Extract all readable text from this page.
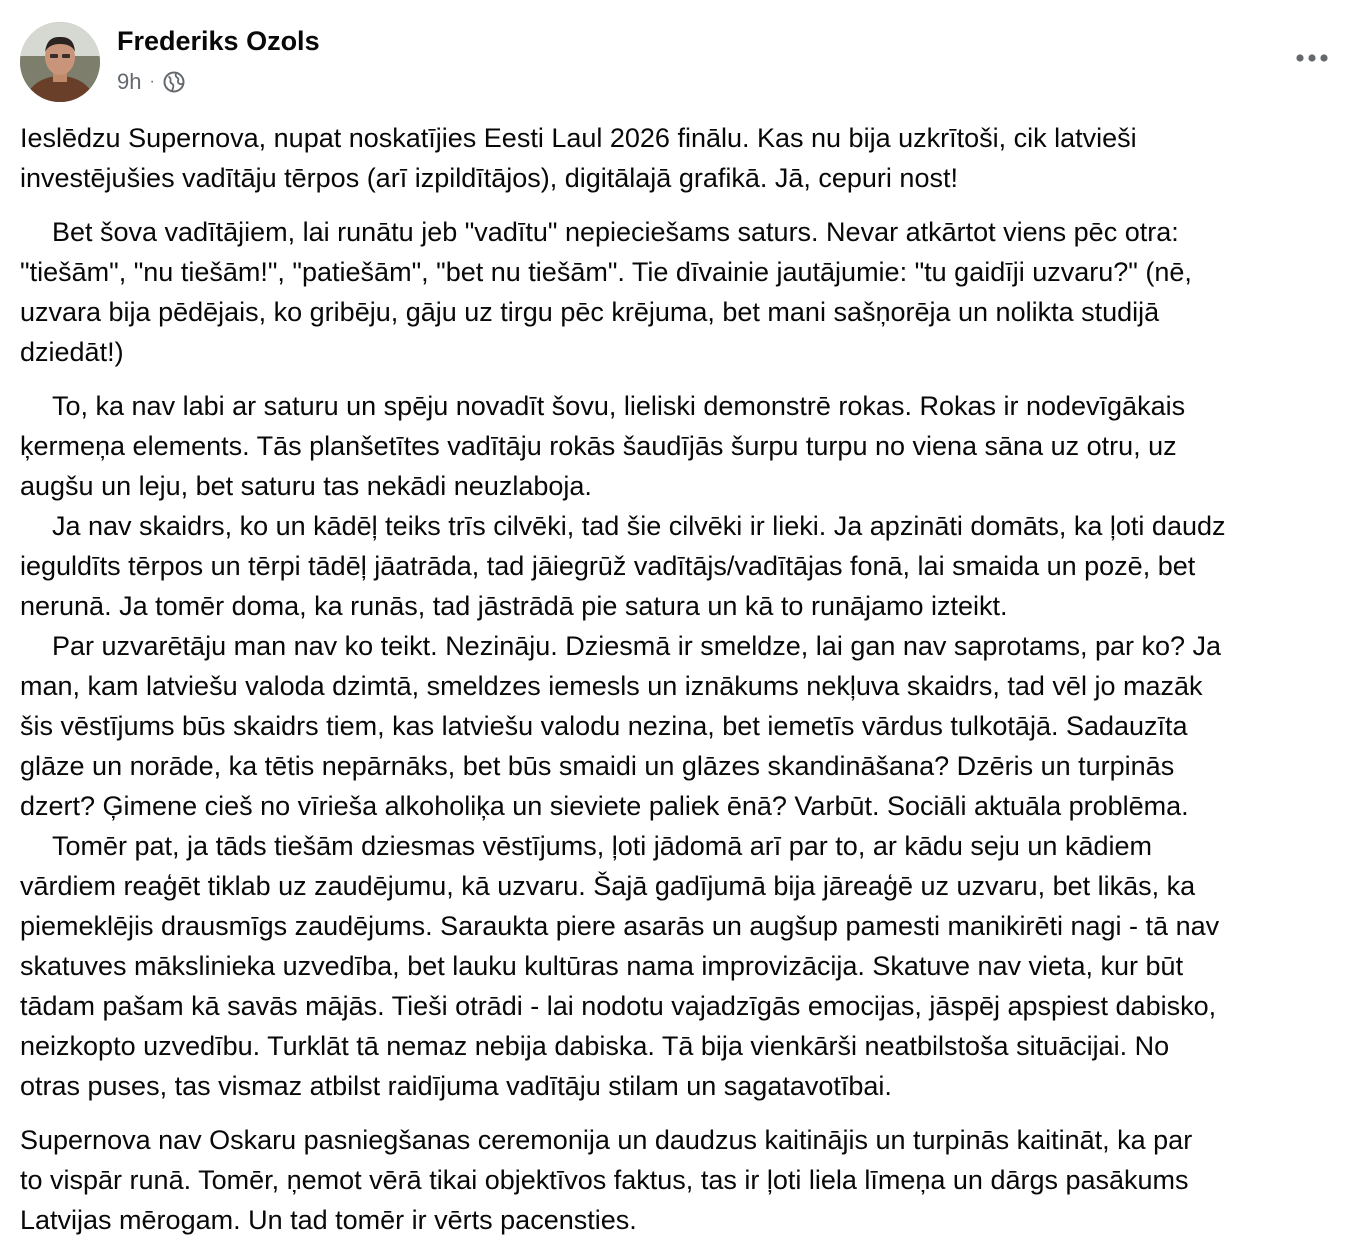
Frederiks Ozols
9h ·
Ieslēdzu Supernova, nupat noskatījies Eesti Laul 2026 finālu. Kas nu bija uzkrītoši, cik latvieši
investējušies vadītāju tērpos (arī izpildītājos), digitālajā grafikā. Jā, cepuri nost!
Bet šova vadītājiem, lai runātu jeb "vadītu" nepieciešams saturs. Nevar atkārtot viens pēc otra:
"tiešām", "nu tiešām!", "patiešām", "bet nu tiešām". Tie dīvainie jautājumie: "tu gaidīji uzvaru?" (nē,
uzvara bija pēdējais, ko gribēju, gāju uz tirgu pēc krējuma, bet mani sašņorēja un nolikta studijā
dziedāt!)
To, ka nav labi ar saturu un spēju novadīt šovu, lieliski demonstrē rokas. Rokas ir nodevīgākais
ķermeņa elements. Tās planšetītes vadītāju rokās šaudījās šurpu turpu no viena sāna uz otru, uz
augšu un leju, bet saturu tas nekādi neuzlaboja.
Ja nav skaidrs, ko un kādēļ teiks trīs cilvēki, tad šie cilvēki ir lieki. Ja apzināti domāts, ka ļoti daudz
ieguldīts tērpos un tērpi tādēļ jāatrāda, tad jāiegrūž vadītājs/vadītājas fonā, lai smaida un pozē, bet
nerunā. Ja tomēr doma, ka runās, tad jāstrādā pie satura un kā to runājamo izteikt.
Par uzvarētāju man nav ko teikt. Nezināju. Dziesmā ir smeldze, lai gan nav saprotams, par ko? Ja
man, kam latviešu valoda dzimtā, smeldzes iemesls un iznākums nekļuva skaidrs, tad vēl jo mazāk
šis vēstījums būs skaidrs tiem, kas latviešu valodu nezina, bet iemetīs vārdus tulkotājā. Sadauzīta
glāze un norāde, ka tētis nepārnāks, bet būs smaidi un glāzes skandināšana? Dzēris un turpinās
dzert? Ģimene cieš no vīrieša alkoholiķa un sieviete paliek ēnā? Varbūt. Sociāli aktuāla problēma.
Tomēr pat, ja tāds tiešām dziesmas vēstījums, ļoti jādomā arī par to, ar kādu seju un kādiem
vārdiem reaģēt tiklab uz zaudējumu, kā uzvaru. Šajā gadījumā bija jāreaģē uz uzvaru, bet likās, ka
piemeklējis drausmīgs zaudējums. Saraukta piere asarās un augšup pamesti manikirēti nagi - tā nav
skatuves mākslinieka uzvedība, bet lauku kultūras nama improvizācija. Skatuve nav vieta, kur būt
tādam pašam kā savās mājās. Tieši otrādi - lai nodotu vajadzīgās emocijas, jāspēj apspiest dabisko,
neizkopto uzvedību. Turklāt tā nemaz nebija dabiska. Tā bija vienkārši neatbilstoša situācijai. No
otras puses, tas vismaz atbilst raidījuma vadītāju stilam un sagatavotībai.
Supernova nav Oskaru pasniegšanas ceremonija un daudzus kaitinājis un turpinās kaitināt, ka par
to vispār runā. Tomēr, ņemot vērā tikai objektīvos faktus, tas ir ļoti liela līmeņa un dārgs pasākums
Latvijas mērogam. Un tad tomēr ir vērts pacensties.
